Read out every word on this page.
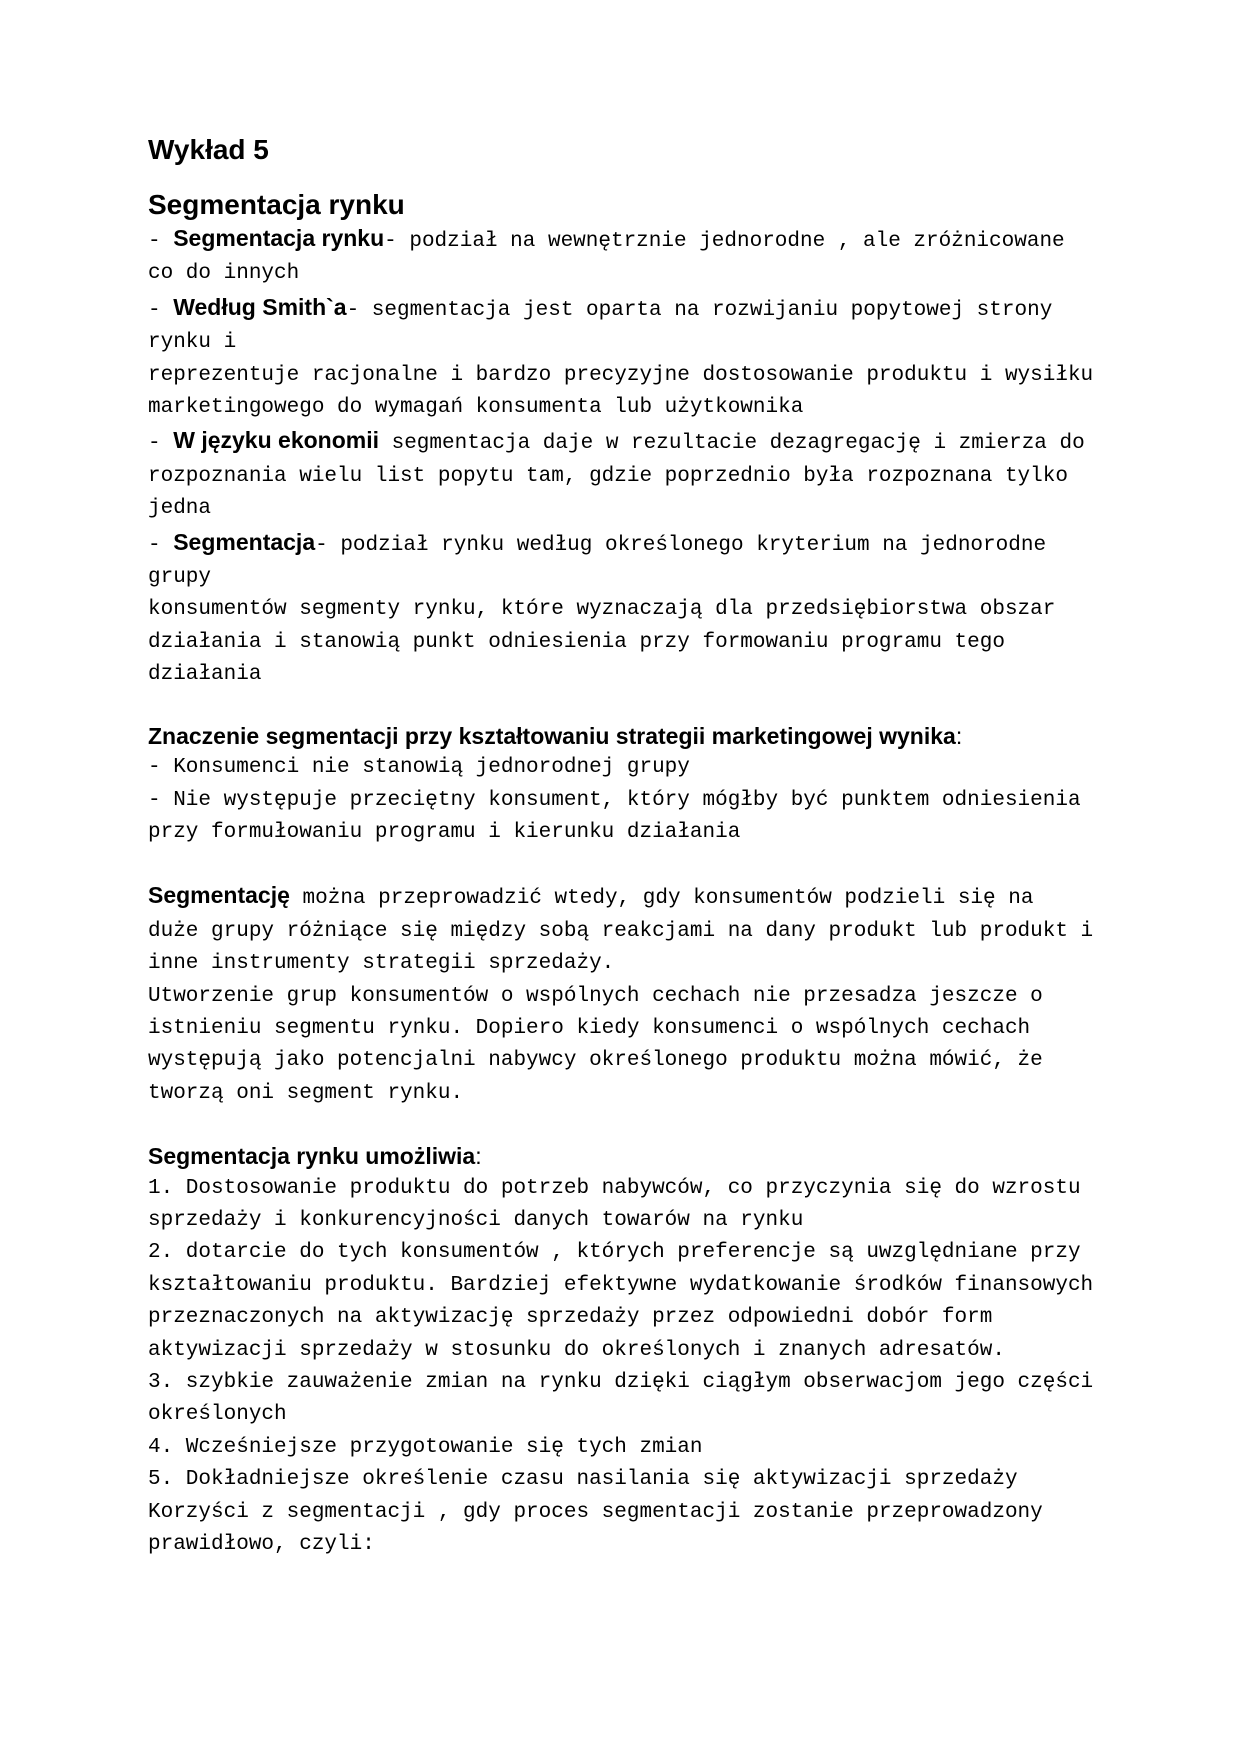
Wykład 5
Segmentacja rynku
- Segmentacja rynku- podział na wewnętrznie jednorodne , ale zróżnicowane
co do innych
- Według Smith`a- segmentacja jest oparta na rozwijaniu popytowej strony
rynku i
reprezentuje racjonalne i bardzo precyzyjne dostosowanie produktu i wysiłku
marketingowego do wymagań konsumenta lub użytkownika
- W języku ekonomii segmentacja daje w rezultacie dezagregację i zmierza do
rozpoznania wielu list popytu tam, gdzie poprzednio była rozpoznana tylko
jedna
- Segmentacja- podział rynku według określonego kryterium na jednorodne
grupy
konsumentów segmenty rynku, które wyznaczają dla przedsiębiorstwa obszar
działania i stanowią punkt odniesienia przy formowaniu programu tego
działania
Znaczenie segmentacji przy kształtowaniu strategii marketingowej wynika:
- Konsumenci nie stanowią jednorodnej grupy
- Nie występuje przeciętny konsument, który mógłby być punktem odniesienia
przy formułowaniu programu i kierunku działania
Segmentację można przeprowadzić wtedy, gdy konsumentów podzieli się na
duże grupy różniące się między sobą reakcjami na dany produkt lub produkt i
inne instrumenty strategii sprzedaży.
Utworzenie grup konsumentów o wspólnych cechach nie przesadza jeszcze o
istnieniu segmentu rynku. Dopiero kiedy konsumenci o wspólnych cechach
występują jako potencjalni nabywcy określonego produktu można mówić, że
tworzą oni segment rynku.
Segmentacja rynku umożliwia:
1. Dostosowanie produktu do potrzeb nabywców, co przyczynia się do wzrostu
sprzedaży i konkurencyjności danych towarów na rynku
2. dotarcie do tych konsumentów , których preferencje są uwzględniane przy
kształtowaniu produktu. Bardziej efektywne wydatkowanie środków finansowych
przeznaczonych na aktywizację sprzedaży przez odpowiedni dobór form
aktywizacji sprzedaży w stosunku do określonych i znanych adresatów.
3. szybkie zauważenie zmian na rynku dzięki ciągłym obserwacjom jego części
określonych
4. Wcześniejsze przygotowanie się tych zmian
5. Dokładniejsze określenie czasu nasilania się aktywizacji sprzedaży
Korzyści z segmentacji , gdy proces segmentacji zostanie przeprowadzony
prawidłowo, czyli:
